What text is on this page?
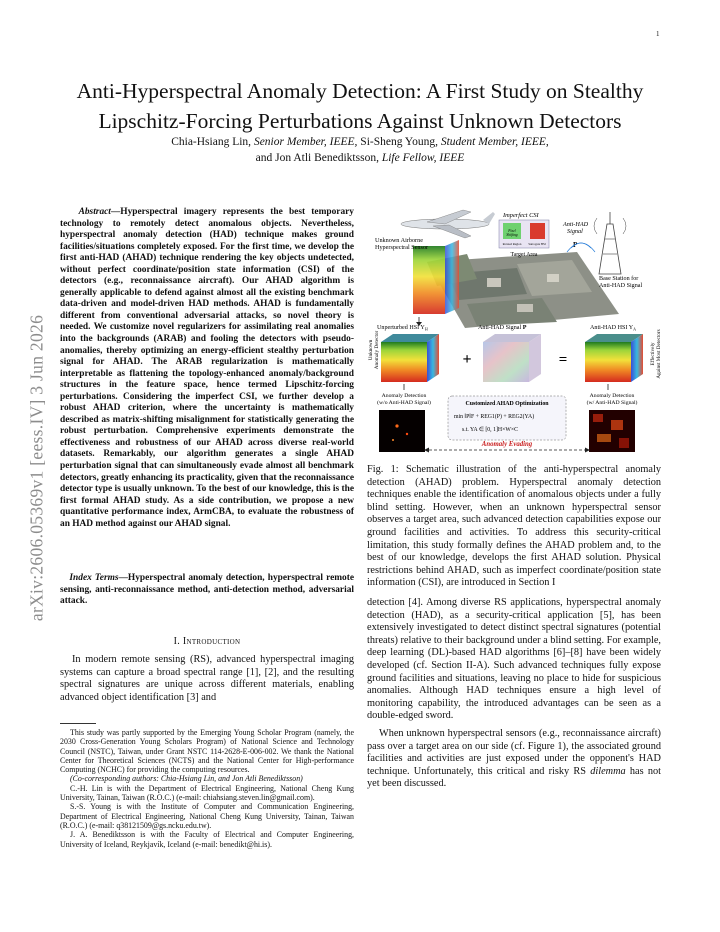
1
arXiv:2606.05369v1 [eess.IV] 3 Jun 2026
Anti-Hyperspectral Anomaly Detection: A First Study on Stealthy Lipschitz-Forcing Perturbations Against Unknown Detectors
Chia-Hsiang Lin, Senior Member, IEEE, Si-Sheng Young, Student Member, IEEE,
and Jon Atli Benediktsson, Life Fellow, IEEE
Abstract—Hyperspectral imagery represents the best temporary technology to remotely detect anomalous objects. Nevertheless, hyperspectral anomaly detection (HAD) technique makes ground facilities/situations completely exposed. For the first time, we develop the first anti-HAD (AHAD) technique rendering the key objects undetected, without perfect coordinate/position state information (CSI) of the detectors (e.g., reconnaissance aircraft). Our AHAD algorithm is generally applicable to defend against almost all the existing benchmark data-driven and model-driven HAD methods. AHAD is fundamentally different from conventional adversarial attacks, so novel theory is needed. We customize novel regularizers for assimilating real anomalies into the backgrounds (ARAB) and fooling the detectors with pseudo-anomalies, thereby optimizing an energy-efficient stealthy perturbation signal for AHAD. The ARAB regularization is mathematically interpretable as flattening the topology-enhanced anomaly/background structures in the feature space, hence termed Lipschitz-forcing perturbations. Considering the imperfect CSI, we further develop a robust AHAD criterion, where the uncertainty is mathematically described as matrix-shifting misalignment for statistically generating the robust perturbation. Comprehensive experiments demonstrate the effectiveness and robustness of our AHAD across diverse real-world datasets. Remarkably, our algorithm generates a single AHAD perturbation signal that can simultaneously evade almost all benchmark detectors, greatly enhancing its practicality, given that the reconnaissance detector type is usually unknown. To the best of our knowledge, this is the first formal AHAD study. As a side contribution, we propose a new quantitative performance index, ArmCBA, to evaluate the robustness of an HAD method against our AHAD signal.
Index Terms—Hyperspectral anomaly detection, hyperspectral remote sensing, anti-reconnaissance method, anti-detection method, adversarial attack.
I. Introduction
In modern remote sensing (RS), advanced hyperspectral imaging systems can capture a broad spectral range [1], [2], and the resulting spectral signatures are unique across different materials, enabling advanced object identification [3] and

This study was partly supported by the Emerging Young Scholar Program (namely, the 2030 Cross-Generation Young Scholars Program) of National Science and Technology Council (NSTC), Taiwan, under Grant NSTC 114-2628-E-006-002. We thank the National Center for Theoretical Sciences (NCTS) and the National Center for High-performance Computing (NCHC) for providing the computing resources.

(Co-corresponding authors: Chia-Hsiang Lin, and Jon Atli Benediktsson)

C.-H. Lin is with the Department of Electrical Engineering, National Cheng Kung University, Tainan, Taiwan (R.O.C.) (e-mail: chiahsiang.steven.lin@gmail.com).

S.-S. Young is with the Institute of Computer and Communication Engineering, Department of Electrical Engineering, National Cheng Kung University, Tainan, Taiwan (R.O.C.) (e-mail: q38121509@gs.ncku.edu.tw).

J. A. Benediktsson is with the Faculty of Electrical and Computer Engineering, University of Iceland, Reykjavík, Iceland (e-mail: benedikt@hi.is).

Unknown Airborne Hyperspectral Sensor
Imperfect CSI
Pixel
Shifting
Rotated Region Surrogate HSI
Target Area
Anti-HAD Signal
P
Base Station for Anti-HAD Signal
Unperturbed HSI $Y_H$	Anti-HAD Signal P	Anti-HAD HSI $Y_A$
UnknownAnomaly Detector	+	=	EffectivelyAgainst Most Detectors
Anomaly Detection (w/o Anti-HAD Signal)
Anomaly Detection (w/ Anti-HAD Signal)
Customized AHAD Optimization
min ‖P‖F + REG1(P) + REG2(YA)
s.t. YA ∈ [0, 1]H×W×C
Anomaly Evading
Fig. 1: Schematic illustration of the anti-hyperspectral anomaly detection (AHAD) problem. Hyperspectral anomaly detection techniques enable the identification of anomalous objects under a fully blind setting. However, when an unknown hyperspectral sensor observes a target area, such advanced detection capabilities expose our ground facilities and activities. To address this security-critical limitation, this study formally defines the AHAD problem and, to the best of our knowledge, develops the first AHAD solution. Physical restrictions behind AHAD, such as imperfect coordinate/position state information (CSI), are introduced in Section I

detection [4]. Among diverse RS applications, hyperspectral anomaly detection (HAD), as a security-critical application [5], has been extensively investigated to detect distinct spectral signatures (potential threats) relative to their background under a blind setting. For example, deep learning (DL)-based HAD algorithms [6]–[8] have been widely developed (cf. Section II-A). Such advanced techniques fully expose ground facilities and situations, leaving no place to hide for suspicious anomalies. Although HAD techniques ensure a high level of monitoring capability, the introduced advantages can be seen as a double-edged sword.

When unknown hyperspectral sensors (e.g., reconnaissance aircraft) pass over a target area on our side (cf. Figure 1), the associated ground facilities and activities are just exposed under the opponent's HAD technique. Unfortunately, this critical and risky RS dilemma has not yet been discussed.
